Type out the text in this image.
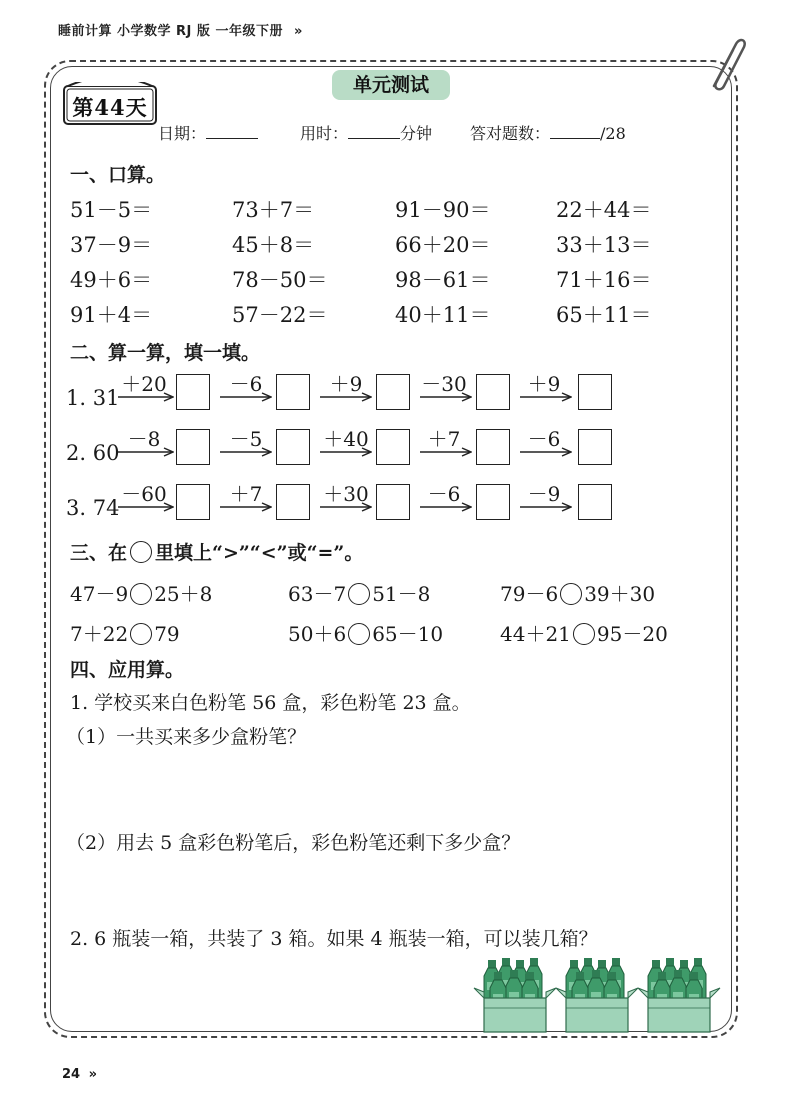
睡前计算 小学数学 RJ 版 一年级下册 »
单元测试
第44天
日期：	用时：	分钟 答对题数：	/28
一、口算。
51－5＝	73＋7＝	91－90＝	22＋44＝
37－9＝	45＋8＝	66＋20＝	33＋13＝
49＋6＝	78－50＝	98－61＝	71＋16＝
91＋4＝	57－22＝	40＋11＝	65＋11＝
二、算一算，填一填。
1. 31
＋20	－6	＋9	－30	＋9
2. 60
－8	－5	＋40	＋7	－6
3. 74
－60	＋7	＋30	－6	－9
三、在 里填上“>”“<”或“=”。
47－9 25＋8	63－7 51－8	79－6 39＋30
7＋22 79	50＋6 65－10	44＋21 95－20
四、应用算。
1. 学校买来白色粉笔 56 盒，彩色粉笔 23 盒。
（1）一共买来多少盒粉笔？
（2）用去 5 盒彩色粉笔后，彩色粉笔还剩下多少盒？
2. 6 瓶装一箱，共装了 3 箱。如果 4 瓶装一箱，可以装几箱？
24 »
